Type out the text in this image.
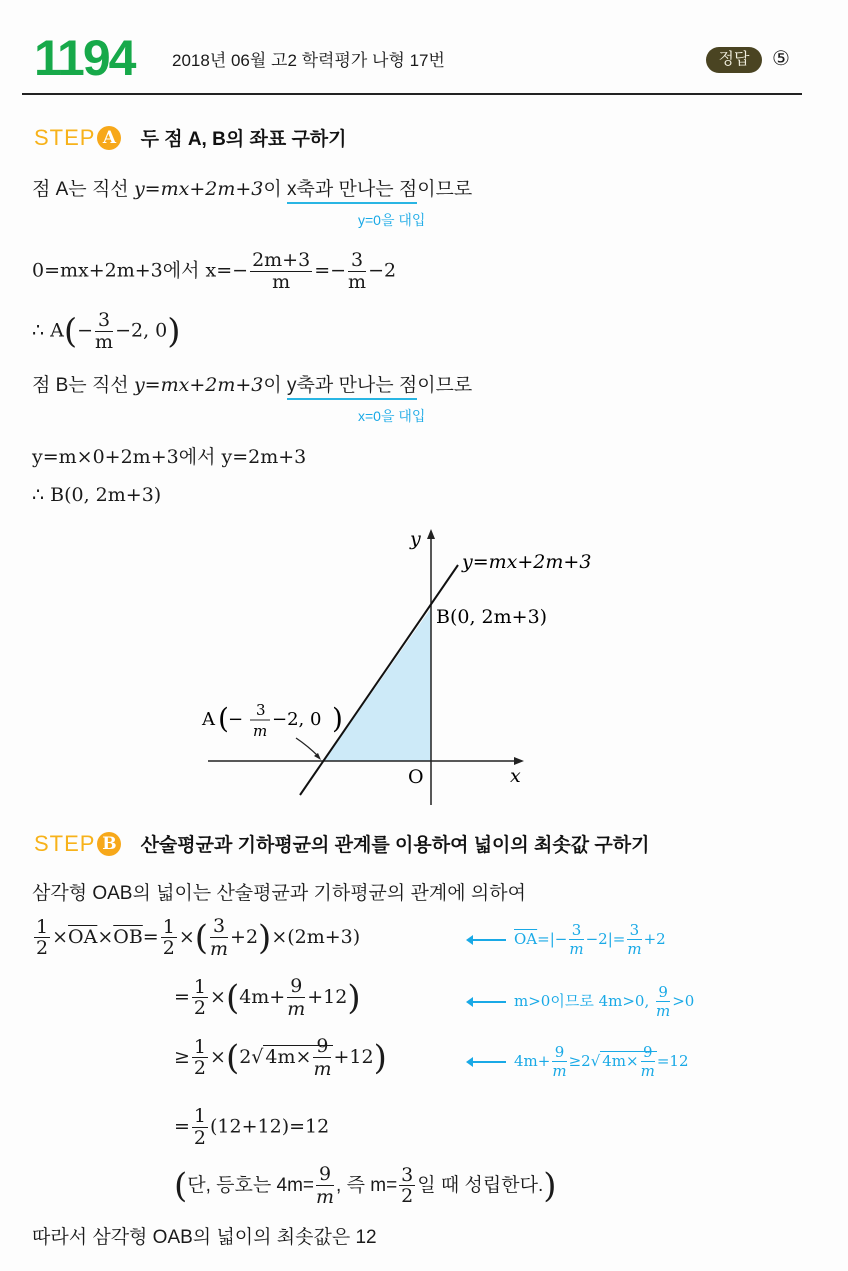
1194 2018년 06월 고2 학력평가 나형 17번	정답	⑤
STEP A 두 점 A, B의 좌표 구하기
점 A는 직선 y=mx+2m+3이 x축과 만나는 점이므로
y=0을 대입
0=mx+2m+3에서 $x=- \frac{2m+3}{m} =- \frac{3}{m} -2$
∴ $A(- \frac{3}{m} -2$, 0)
점 B는 직선 y=mx+2m+3이 y축과 만나는 점이므로
x=0을 대입
y=m×0+2m+3에서 y=2m+3
∴ B(0, 2m+3)
y
x
O
y=mx+2m+3
B(0, 2m+3)
A ( − 3
m
−2, 0 )
STEP B 산술평균과 기하평균의 관계를 이용하여 넓이의 최솟값 구하기
삼각형 OAB의 넓이는 산술평균과 기하평균의 관계에 의하여
$\frac{1}{2} \times\overline{OA}\times\overline{OB}= \frac{1}{2}$ ×( $\frac{3}{m} +2)\times(2m+3)$	$\overline{OA}=|- \frac{3}{m} -2|= \frac{3}{m} +2$
= $\frac{1}{2} \times(4m+ \frac{9}{m} +12)$	m>0이므로 4m>0, $\frac{9}{m} >0$
≥ $\frac{1}{2} \times(2√$ $4m\times \frac{9}{m} +12$)	$4m+ \frac{9}{m} \ge 2√$ $4m\times \frac{9}{m} =12$
= $\frac{1}{2} (12+12)=12$
(단, 등호는 $4m= \frac{9}{m}$ , 즉 $m= \frac{3}{2}$ 일 때 성립한다.)
따라서 삼각형 OAB의 넓이의 최솟값은 12
